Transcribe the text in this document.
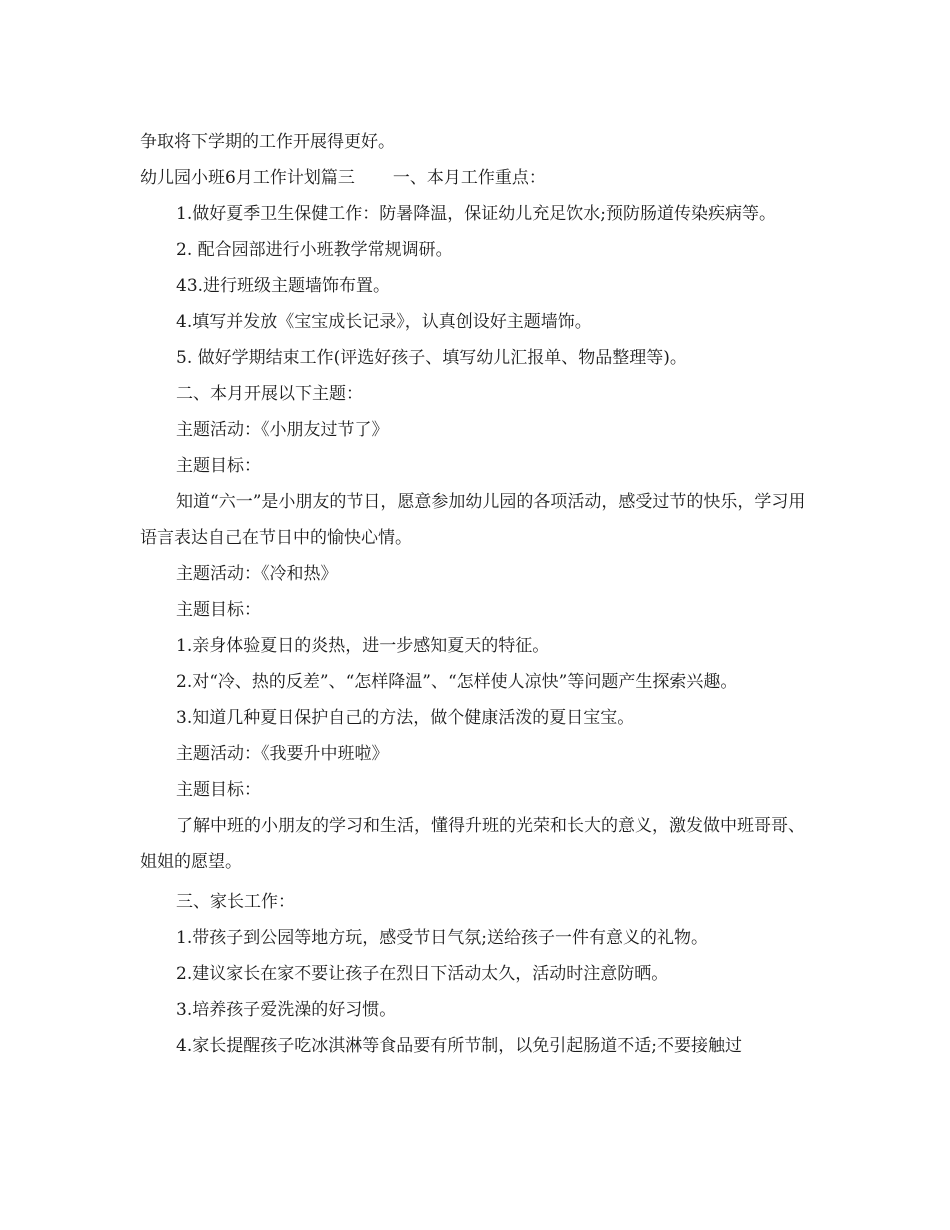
争取将下学期的工作开展得更好。

幼儿园小班6月工作计划篇三 一、本月工作重点：

1.做好夏季卫生保健工作：防暑降温，保证幼儿充足饮水;预防肠道传染疾病等。

2. 配合园部进行小班教学常规调研。

43.进行班级主题墙饰布置。

4.填写并发放《宝宝成长记录》，认真创设好主题墙饰。

5. 做好学期结束工作(评选好孩子、填写幼儿汇报单、物品整理等)。

二、本月开展以下主题：

主题活动：《小朋友过节了》

主题目标：

知道“六一”是小朋友的节日，愿意参加幼儿园的各项活动，感受过节的快乐，学习用语言表达自己在节日中的愉快心情。

主题活动：《冷和热》

主题目标：

1.亲身体验夏日的炎热，进一步感知夏天的特征。

2.对“冷、热的反差”、“怎样降温”、“怎样使人凉快”等问题产生探索兴趣。

3.知道几种夏日保护自己的方法，做个健康活泼的夏日宝宝。

主题活动：《我要升中班啦》

主题目标：

了解中班的小朋友的学习和生活，懂得升班的光荣和长大的意义，激发做中班哥哥、姐姐的愿望。

三、家长工作：

1.带孩子到公园等地方玩，感受节日气氛;送给孩子一件有意义的礼物。

2.建议家长在家不要让孩子在烈日下活动太久，活动时注意防晒。

3.培养孩子爱洗澡的好习惯。

4.家长提醒孩子吃冰淇淋等食品要有所节制，以免引起肠道不适;不要接触过
